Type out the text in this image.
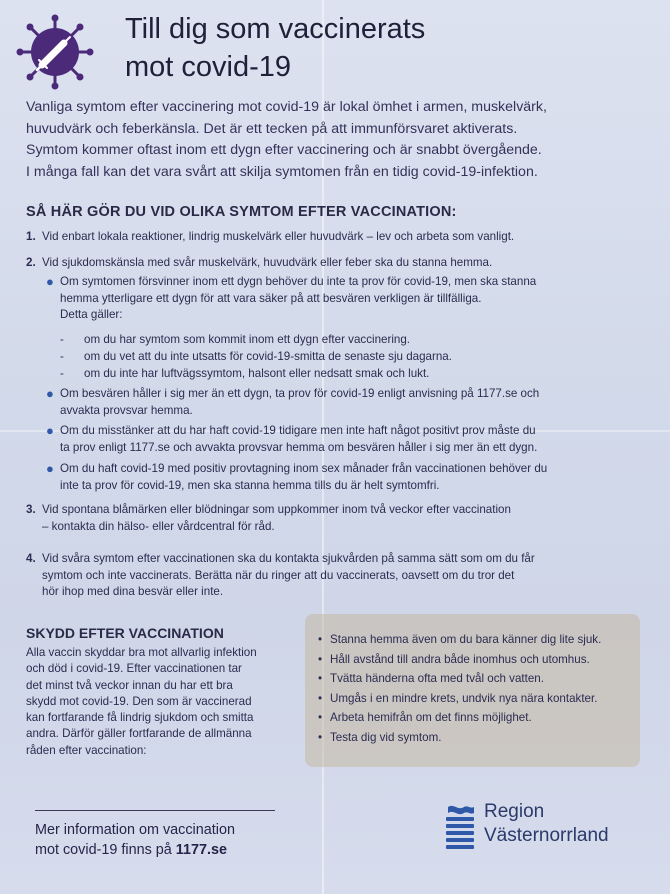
Till dig som vaccinerats
mot covid-19

Vanliga symtom efter vaccinering mot covid-19 är lokal ömhet i armen, muskelvärk,
huvudvärk och feberkänsla. Det är ett tecken på att immunförsvaret aktiverats.
Symtom kommer oftast inom ett dygn efter vaccinering och är snabbt övergående.
I många fall kan det vara svårt att skilja symtomen från en tidig covid-19-infektion.

SÅ HÄR GÖR DU VID OLIKA SYMTOM EFTER VACCINATION:
1. Vid enbart lokala reaktioner, lindrig muskelvärk eller huvudvärk – lev och arbeta som vanligt.
2. Vid sjukdomskänsla med svår muskelvärk, huvudvärk eller feber ska du stanna hemma.
● Om symtomen försvinner inom ett dygn behöver du inte ta prov för covid-19, men ska stanna
hemma ytterligare ett dygn för att vara säker på att besvären verkligen är tillfälliga.
Detta gäller:
- om du har symtom som kommit inom ett dygn efter vaccinering.
- om du vet att du inte utsatts för covid-19-smitta de senaste sju dagarna.
- om du inte har luftvägssymtom, halsont eller nedsatt smak och lukt.
● Om besvären håller i sig mer än ett dygn, ta prov för covid-19 enligt anvisning på 1177.se och
avvakta provsvar hemma.
● Om du misstänker att du har haft covid-19 tidigare men inte haft något positivt prov måste du
ta prov enligt 1177.se och avvakta provsvar hemma om besvären håller i sig mer än ett dygn.
● Om du haft covid-19 med positiv provtagning inom sex månader från vaccinationen behöver du
inte ta prov för covid-19, men ska stanna hemma tills du är helt symtomfri.
3. Vid spontana blåmärken eller blödningar som uppkommer inom två veckor efter vaccination
– kontakta din hälso- eller vårdcentral för råd.
4. Vid svåra symtom efter vaccinationen ska du kontakta sjukvården på samma sätt som om du får
symtom och inte vaccinerats. Berätta när du ringer att du vaccinerats, oavsett om du tror det
hör ihop med dina besvär eller inte.
SKYDD EFTER VACCINATION

Alla vaccin skyddar bra mot allvarlig infektion
och död i covid-19. Efter vaccinationen tar
det minst två veckor innan du har ett bra
skydd mot covid-19. Den som är vaccinerad
kan fortfarande få lindrig sjukdom och smitta
andra. Därför gäller fortfarande de allmänna
råden efter vaccination:

• Stanna hemma även om du bara känner dig lite sjuk.
• Håll avstånd till andra både inomhus och utomhus.
• Tvätta händerna ofta med tvål och vatten.
• Umgås i en mindre krets, undvik nya nära kontakter.
• Arbeta hemifrån om det finns möjlighet.
• Testa dig vid symtom.

Mer information om vaccination
mot covid-19 finns på 1177.se

Region
Västernorrland
